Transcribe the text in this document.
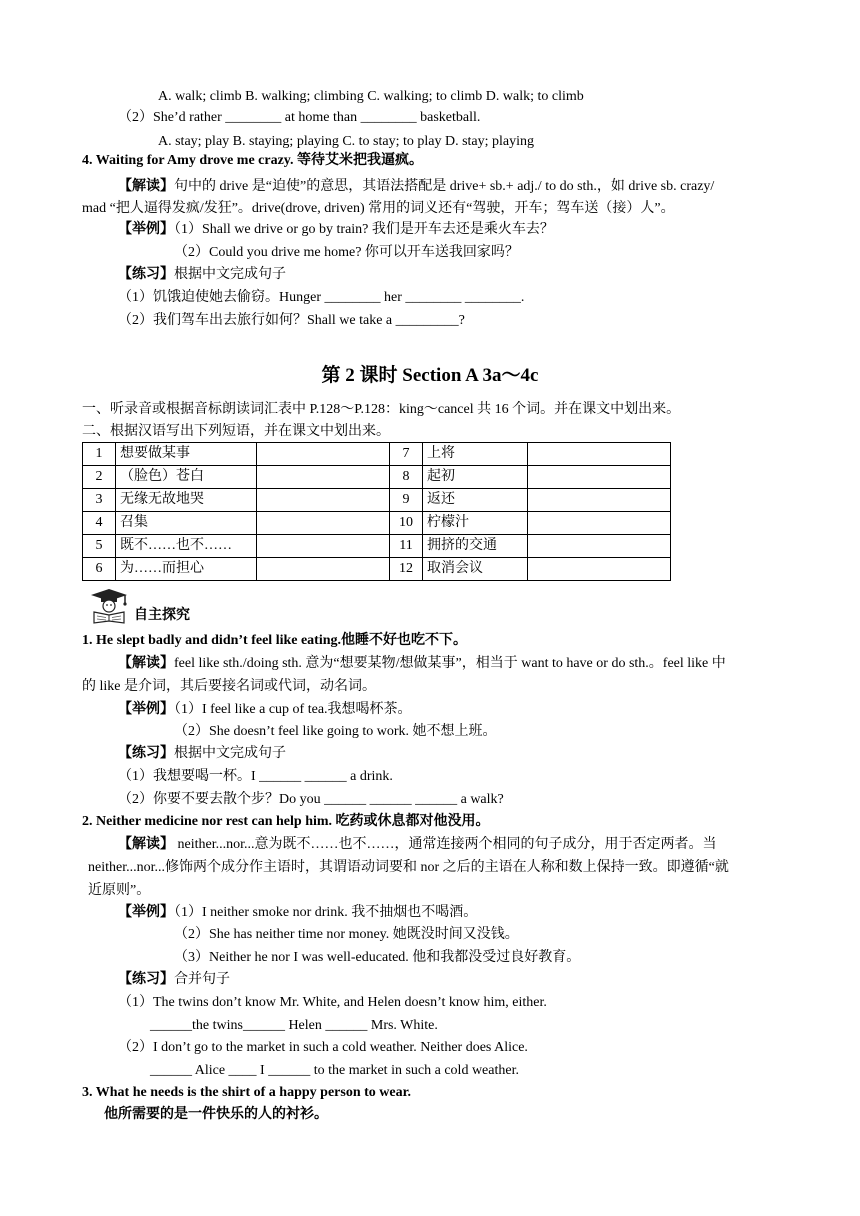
A. walk; climb B. walking; climbing C. walking; to climb D. walk; to climb
（2）She’d rather ________ at home than ________ basketball.
A. stay; play B. staying; playing C. to stay; to play D. stay; playing
4. Waiting for Amy drove me crazy. 等待艾米把我逼疯。
【解读】句中的 drive 是“迫使”的意思，其语法搭配是 drive+ sb.+ adj./ to do sth.，如 drive sb. crazy/
mad “把人逼得发疯/发狂”。drive(drove, driven) 常用的词义还有“驾驶，开车；驾车送（接）人”。
【举例】（1）Shall we drive or go by train? 我们是开车去还是乘火车去？
（2）Could you drive me home? 你可以开车送我回家吗？
【练习】根据中文完成句子
（1）饥饿迫使她去偷窃。Hunger ________ her ________ ________.
（2）我们驾车出去旅行如何？Shall we take a _________?
第 2 课时 Section A 3a～4c
一、听录音或根据音标朗读词汇表中 P.128～P.128：king～cancel 共 16 个词。并在课文中划出来。
二、根据汉语写出下列短语，并在课文中划出来。
1	想要做某事		7	上将	
2	（脸色）苍白		8	起初	
3	无缘无故地哭		9	返还	
4	召集		10	柠檬汁	
5	既不……也不……		11	拥挤的交通	
6	为……而担心		12	取消会议	
自主探究
1. He slept badly and didn’t feel like eating.他睡不好也吃不下。
【解读】feel like sth./doing sth. 意为“想要某物/想做某事”，相当于 want to have or do sth.。feel like 中
的 like 是介词，其后要接名词或代词，动名词。
【举例】（1）I feel like a cup of tea.我想喝杯茶。
（2）She doesn’t feel like going to work. 她不想上班。
【练习】根据中文完成句子
（1）我想要喝一杯。I ______ ______ a drink.
（2）你要不要去散个步？Do you ______ ______ ______ a walk?
2. Neither medicine nor rest can help him. 吃药或休息都对他没用。
【解读】 neither...nor...意为既不……也不……，通常连接两个相同的句子成分，用于否定两者。当
neither...nor...修饰两个成分作主语时，其谓语动词要和 nor 之后的主语在人称和数上保持一致。即遵循“就
近原则”。
【举例】（1）I neither smoke nor drink. 我不抽烟也不喝酒。
（2）She has neither time nor money. 她既没时间又没钱。
（3）Neither he nor I was well-educated. 他和我都没受过良好教育。
【练习】合并句子
（1）The twins don’t know Mr. White, and Helen doesn’t know him, either.
______the twins______ Helen ______ Mrs. White.
（2）I don’t go to the market in such a cold weather. Neither does Alice.
______ Alice ____ I ______ to the market in such a cold weather.
3. What he needs is the shirt of a happy person to wear.
他所需要的是一件快乐的人的衬衫。
